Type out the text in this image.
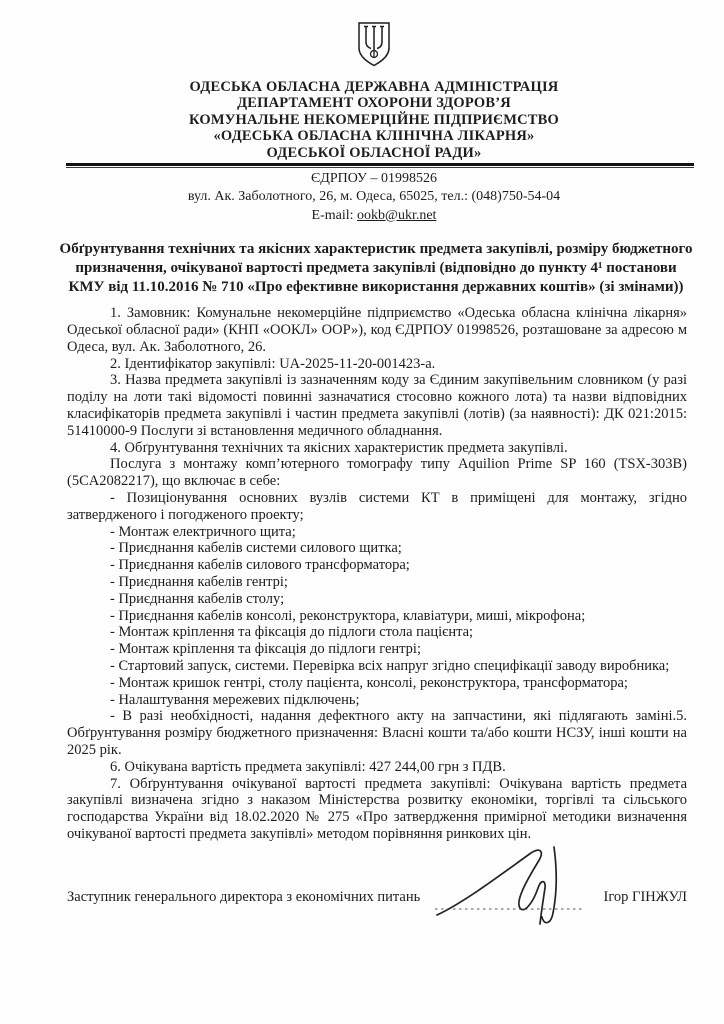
ОДЕСЬКА ОБЛАСНА ДЕРЖАВНА АДМІНІСТРАЦІЯ
ДЕПАРТАМЕНТ ОХОРОНИ ЗДОРОВ’Я
КОМУНАЛЬНЕ НЕКОМЕРЦІЙНЕ ПІДПРИЄМСТВО
«ОДЕСЬКА ОБЛАСНА КЛІНІЧНА ЛІКАРНЯ»
ОДЕСЬКОЇ ОБЛАСНОЇ РАДИ»
ЄДРПОУ – 01998526
вул. Ак. Заболотного, 26, м. Одеса, 65025, тел.: (048)750-54-04
E-mail: ookb@ukr.net
Обґрунтування технічних та якісних характеристик предмета закупівлі, розміру бюджетного призначення, очікуваної вартості предмета закупівлі (відповідно до пункту 4¹ постанови КМУ від 11.10.2016 № 710 «Про ефективне використання державних коштів» (зі змінами))

1. Замовник: Комунальне некомерційне підприємство «Одеська обласна клінічна лікарня» Одеської обласної ради» (КНП «ООКЛ» ООР»), код ЄДРПОУ 01998526, розташоване за адресою м Одеса, вул. Ак. Заболотного, 26.

2. Ідентифікатор закупівлі: UA-2025-11-20-001423-а.

3. Назва предмета закупівлі із зазначенням коду за Єдиним закупівельним словником (у разі поділу на лоти такі відомості повинні зазначатися стосовно кожного лота) та назви відповідних класифікаторів предмета закупівлі і частин предмета закупівлі (лотів) (за наявності): ДК 021:2015: 51410000-9 Послуги зі встановлення медичного обладнання.

4. Обґрунтування технічних та якісних характеристик предмета закупівлі.

Послуга з монтажу комп’ютерного томографу типу Aquilion Prime SP 160 (TSX-303B) (5CA2082217), що включає в себе:

- Позиціонування основних вузлів системи КТ в приміщені для монтажу, згідно затвердженого і погодженого проекту;

- Монтаж електричного щита;

- Приєднання кабелів системи силового щитка;

- Приєднання кабелів силового трансформатора;

- Приєднання кабелів гентрі;

- Приєднання кабелів столу;

- Приєднання кабелів консолі, реконструктора, клавіатури, миші, мікрофона;

- Монтаж кріплення та фіксація до підлоги стола пацієнта;

- Монтаж кріплення та фіксація до підлоги гентрі;

- Стартовий запуск, системи. Перевірка всіх напруг згідно специфікації заводу виробника;

- Монтаж кришок гентрі, столу пацієнта, консолі, реконструктора, трансформатора;

- Налаштування мережевих підключень;

- В разі необхідності, надання дефектного акту на запчастини, які підлягають заміні.5. Обґрунтування розміру бюджетного призначення: Власні кошти та/або кошти НСЗУ, інші кошти на 2025 рік.

6. Очікувана вартість предмета закупівлі: 427 244,00 грн з ПДВ.

7. Обґрунтування очікуваної вартості предмета закупівлі: Очікувана вартість предмета закупівлі визначена згідно з наказом Міністерства розвитку економіки, торгівлі та сільського господарства України від 18.02.2020 № 275 «Про затвердження примірної методики визначення очікуваної вартості предмета закупівлі» методом порівняння ринкових цін.

Заступник генерального директора з економічних питань	Ігор ГІНЖУЛ
